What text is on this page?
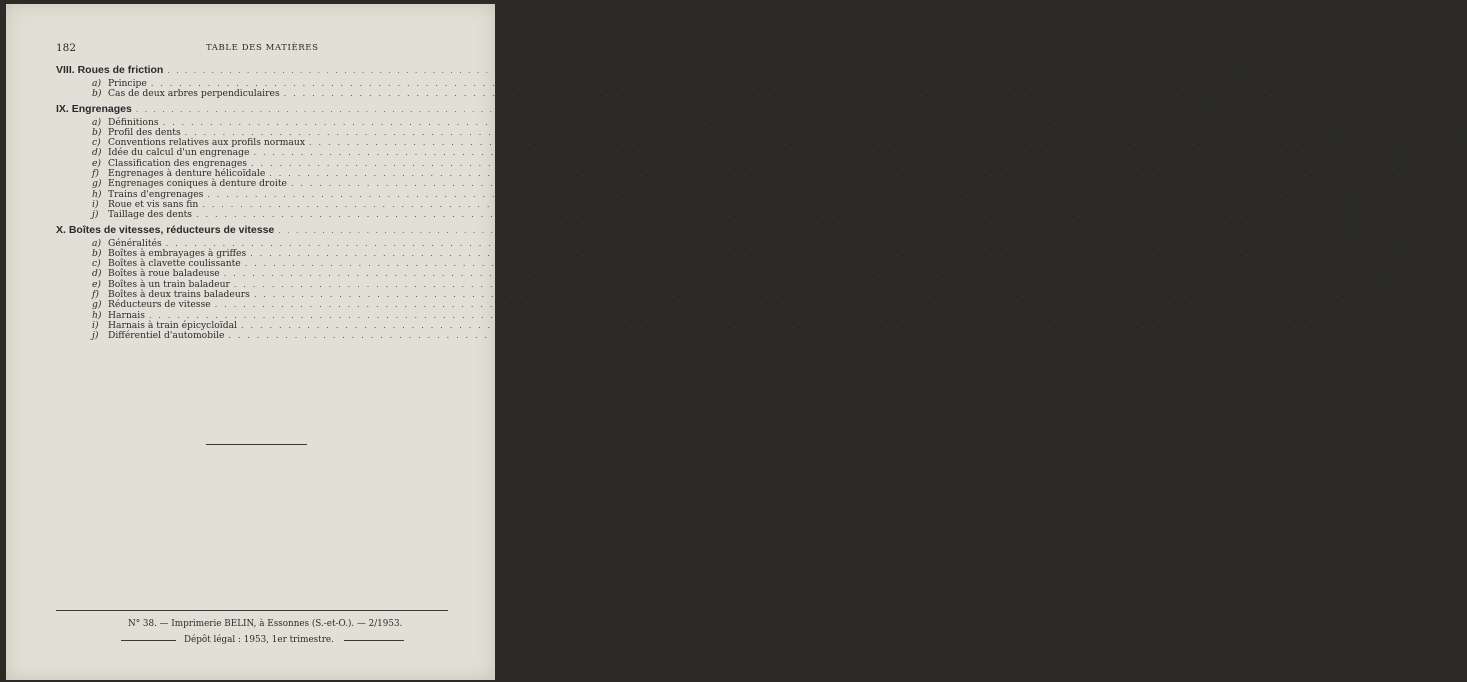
182	TABLE DES MATIÈRES
VIII. Roues de friction . . . . . . . . . . . . . . . . . . . . . . . . . . . . . . . . . . . . . . . . . . . . . . . . . . . . . . . . . . . . . . . . . . . . . . . . . . . . . . . . . . . . . . . . . . . . . . . . . . . . . . . . . . . . . . . . . . . . . . . .	162
a) Principe . . . . . . . . . . . . . . . . . . . . . . . . . . . . . . . . . . . . . . . . . . . . . . . . . . . . . . . . . . . . . . . . . . . . . . . . . . . . . . . . . . . . . . . . . . . . . . . . . . . . . . . . . . . . . . . . . . . . . . . . 162
b) Cas de deux arbres perpendiculaires . . . . . . . . . . . . . . . . . . . . . . . . . . . . . . . . . . . . . . . . . . . . . . . . . . . . . . . . . . . . . . . . . . . . . . . . . . . . . . . . . . . . . . . . . . . . . . . . . . . . . . . . . . . . . . . . . . . . . . . . 162
IX. Engrenages . . . . . . . . . . . . . . . . . . . . . . . . . . . . . . . . . . . . . . . . . . . . . . . . . . . . . . . . . . . . . . . . . . . . . . . . . . . . . . . . . . . . . . . . . . . . . . . . . . . . . . . . . . . . . . . . . . . . . . . .	163
a) Définitions . . . . . . . . . . . . . . . . . . . . . . . . . . . . . . . . . . . . . . . . . . . . . . . . . . . . . . . . . . . . . . . . . . . . . . . . . . . . . . . . . . . . . . . . . . . . . . . . . . . . . . . . . . . . . . . . . . . . . . . . 163
b) Profil des dents . . . . . . . . . . . . . . . . . . . . . . . . . . . . . . . . . . . . . . . . . . . . . . . . . . . . . . . . . . . . . . . . . . . . . . . . . . . . . . . . . . . . . . . . . . . . . . . . . . . . . . . . . . . . . . . . . . . . . . . . 163
c) Conventions relatives aux profils normaux . . . . . . . . . . . . . . . . . . . . . . . . . . . . . . . . . . . . . . . . . . . . . . . . . . . . . . . . . . . . . . . . . . . . . . . . . . . . . . . . . . . . . . . . . . . . . . . . . . . . . . . . . . . . . . . . . . . . . . . . 164
d) Idée du calcul d'un engrenage . . . . . . . . . . . . . . . . . . . . . . . . . . . . . . . . . . . . . . . . . . . . . . . . . . . . . . . . . . . . . . . . . . . . . . . . . . . . . . . . . . . . . . . . . . . . . . . . . . . . . . . . . . . . . . . . . . . . . . . . 165
e) Classification des engrenages . . . . . . . . . . . . . . . . . . . . . . . . . . . . . . . . . . . . . . . . . . . . . . . . . . . . . . . . . . . . . . . . . . . . . . . . . . . . . . . . . . . . . . . . . . . . . . . . . . . . . . . . . . . . . . . . . . . . . . . . 166
f) Engrenages à denture hélicoïdale . . . . . . . . . . . . . . . . . . . . . . . . . . . . . . . . . . . . . . . . . . . . . . . . . . . . . . . . . . . . . . . . . . . . . . . . . . . . . . . . . . . . . . . . . . . . . . . . . . . . . . . . . . . . . . . . . . . . . . . . 166
g) Engrenages coniques à denture droite . . . . . . . . . . . . . . . . . . . . . . . . . . . . . . . . . . . . . . . . . . . . . . . . . . . . . . . . . . . . . . . . . . . . . . . . . . . . . . . . . . . . . . . . . . . . . . . . . . . . . . . . . . . . . . . . . . . . . . . . 167
h) Trains d'engrenages . . . . . . . . . . . . . . . . . . . . . . . . . . . . . . . . . . . . . . . . . . . . . . . . . . . . . . . . . . . . . . . . . . . . . . . . . . . . . . . . . . . . . . . . . . . . . . . . . . . . . . . . . . . . . . . . . . . . . . . . 167
i)	Roue et vis sans fin . . . . . . . . . . . . . . . . . . . . . . . . . . . . . . . . . . . . . . . . . . . . . . . . . . . . . . . . . . . . . . . . . . . . . . . . . . . . . . . . . . . . . . . . . . . . . . . . . . . . . . . . . . . . . . . . . . . . . . . . 168
j)	Taillage des dents . . . . . . . . . . . . . . . . . . . . . . . . . . . . . . . . . . . . . . . . . . . . . . . . . . . . . . . . . . . . . . . . . . . . . . . . . . . . . . . . . . . . . . . . . . . . . . . . . . . . . . . . . . . . . . . . . . . . . . . . 168
X. Boîtes de vitesses, réducteurs de vitesse . . . . . . . . . . . . . . . . . . . . . . . . . . . . . . . . . . . . . . . . . . . . . . . . . . . . . . . . . . . . . . . . . . . . . . . . . . . . . . . . . . . . . . . . . . . . . . . . . . . . . . . . . . . . . . . . . . . . . . . .	169
a) Généralités . . . . . . . . . . . . . . . . . . . . . . . . . . . . . . . . . . . . . . . . . . . . . . . . . . . . . . . . . . . . . . . . . . . . . . . . . . . . . . . . . . . . . . . . . . . . . . . . . . . . . . . . . . . . . . . . . . . . . . . . 169
b) Boîtes à embrayages à griffes . . . . . . . . . . . . . . . . . . . . . . . . . . . . . . . . . . . . . . . . . . . . . . . . . . . . . . . . . . . . . . . . . . . . . . . . . . . . . . . . . . . . . . . . . . . . . . . . . . . . . . . . . . . . . . . . . . . . . . . . 169
c) Boîtes à clavette coulissante . . . . . . . . . . . . . . . . . . . . . . . . . . . . . . . . . . . . . . . . . . . . . . . . . . . . . . . . . . . . . . . . . . . . . . . . . . . . . . . . . . . . . . . . . . . . . . . . . . . . . . . . . . . . . . . . . . . . . . . . 170
d) Boîtes à roue baladeuse . . . . . . . . . . . . . . . . . . . . . . . . . . . . . . . . . . . . . . . . . . . . . . . . . . . . . . . . . . . . . . . . . . . . . . . . . . . . . . . . . . . . . . . . . . . . . . . . . . . . . . . . . . . . . . . . . . . . . . . . 170
e) Boîtes à un train baladeur . . . . . . . . . . . . . . . . . . . . . . . . . . . . . . . . . . . . . . . . . . . . . . . . . . . . . . . . . . . . . . . . . . . . . . . . . . . . . . . . . . . . . . . . . . . . . . . . . . . . . . . . . . . . . . . . . . . . . . . . 170
f) Boîtes à deux trains baladeurs . . . . . . . . . . . . . . . . . . . . . . . . . . . . . . . . . . . . . . . . . . . . . . . . . . . . . . . . . . . . . . . . . . . . . . . . . . . . . . . . . . . . . . . . . . . . . . . . . . . . . . . . . . . . . . . . . . . . . . . . 171
g) Réducteurs de vitesse . . . . . . . . . . . . . . . . . . . . . . . . . . . . . . . . . . . . . . . . . . . . . . . . . . . . . . . . . . . . . . . . . . . . . . . . . . . . . . . . . . . . . . . . . . . . . . . . . . . . . . . . . . . . . . . . . . . . . . . . 171
h) Harnais . . . . . . . . . . . . . . . . . . . . . . . . . . . . . . . . . . . . . . . . . . . . . . . . . . . . . . . . . . . . . . . . . . . . . . . . . . . . . . . . . . . . . . . . . . . . . . . . . . . . . . . . . . . . . . . . . . . . . . . . 173
i)	Harnais à train épicycloïdal . . . . . . . . . . . . . . . . . . . . . . . . . . . . . . . . . . . . . . . . . . . . . . . . . . . . . . . . . . . . . . . . . . . . . . . . . . . . . . . . . . . . . . . . . . . . . . . . . . . . . . . . . . . . . . . . . . . . . . . . 174
j)	Différentiel d'automobile . . . . . . . . . . . . . . . . . . . . . . . . . . . . . . . . . . . . . . . . . . . . . . . . . . . . . . . . . . . . . . . . . . . . . . . . . . . . . . . . . . . . . . . . . . . . . . . . . . . . . . . . . . . . . . . . . . . . . . . . 175
N° 38. — Imprimerie BELIN, à Essonnes (S.-et-O.). — 2/1953.
Dépôt légal : 1953, 1er trimestre.
